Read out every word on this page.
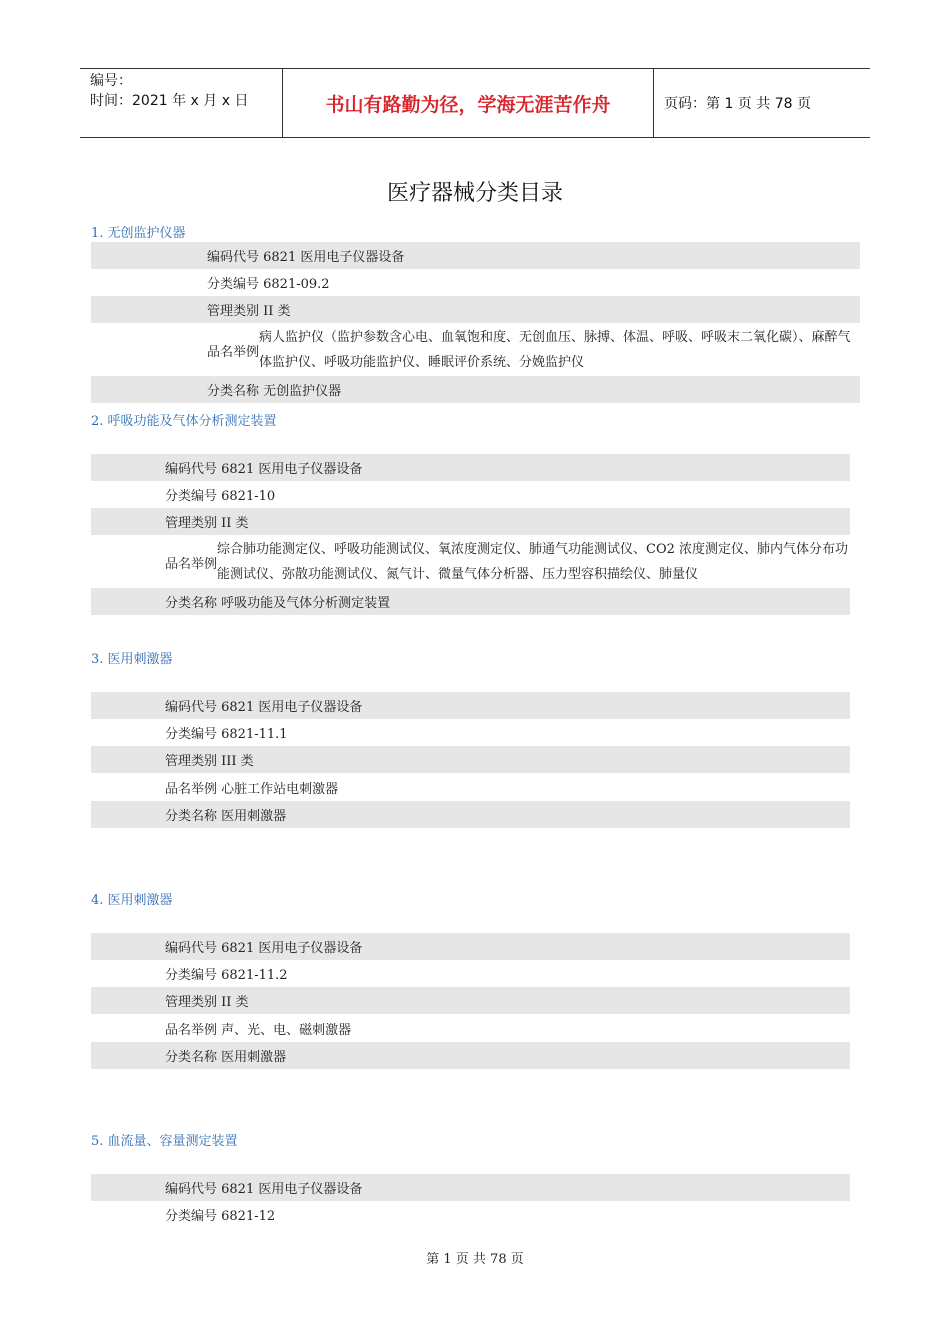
编号：
时间：2021 年 x 月 x 日	书山有路勤为径，学海无涯苦作舟	页码：第 1 页 共 78 页
医疗器械分类目录
1. 无创监护仪器
编码代号 6821 医用电子仪器设备
分类编号 6821-09.2
管理类别 II 类
品名举例
病人监护仪（监护参数含心电、血氧饱和度、无创血压、脉搏、体温、呼吸、呼吸末二氧化碳）、麻醉气体监护仪、呼吸功能监护仪、睡眠评价系统、分娩监护仪
分类名称 无创监护仪器
2. 呼吸功能及气体分析测定装置
编码代号 6821 医用电子仪器设备
分类编号 6821-10
管理类别 II 类
品名举例
综合肺功能测定仪、呼吸功能测试仪、氧浓度测定仪、肺通气功能测试仪、CO2 浓度测定仪、肺内气体分布功能测试仪、弥散功能测试仪、氮气计、微量气体分析器、压力型容积描绘仪、肺量仪
分类名称 呼吸功能及气体分析测定装置
3. 医用刺激器
编码代号 6821 医用电子仪器设备
分类编号 6821-11.1
管理类别 III 类
品名举例 心脏工作站电刺激器
分类名称 医用刺激器
4. 医用刺激器
编码代号 6821 医用电子仪器设备
分类编号 6821-11.2
管理类别 II 类
品名举例 声、光、电、磁刺激器
分类名称 医用刺激器
5. 血流量、容量测定装置
编码代号 6821 医用电子仪器设备
分类编号 6821-12
第 1 页 共 78 页
